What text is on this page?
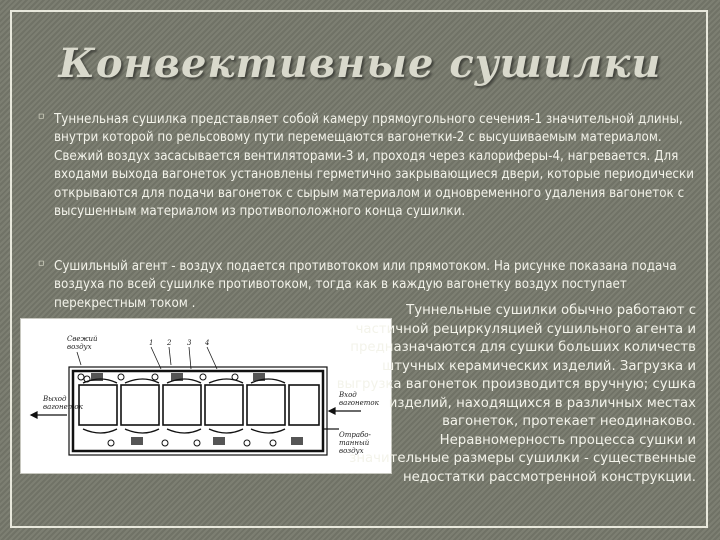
Конвективные сушилки
⸋ Туннельная сушилка представляет собой камеру прямоугольного сечения-1 значительной длины, внутри которой по рельсовому пути перемещаются вагонетки-2 с высушиваемым материалом. Свежий воздух засасывается вентиляторами-3 и, проходя через калориферы-4, нагревается. Для входами выхода вагонеток установлены герметично закрывающиеся двери, которые периодически открываются для подачи вагонеток с сырым материалом и одновременного удаления вагонеток с высушенным материалом из противоположного конца сушилки.

⸋ Сушильный агент - воздух подается противотоком или прямотоком. На рисунке показана подача воздуха по всей сушилке противотоком, тогда как в каждую вагонетку воздух поступает перекрестным током .

Свежий
воздух	1 2 3 4
Выход
вагонеток
Вход
вагонеток
Отрабо-
танный
воздух

Туннельные сушилки обычно работают с частичной рециркуляцией сушильного агента и предназначаются для сушки больших количеств штучных керамических изделий. Загрузка и выгрузка вагонеток производится вручную; сушка изделий, находящихся в различных местах вагонеток, протекает неодинаково. Неравномерность процесса сушки и значительные размеры сушилки - существенные недостатки рассмотренной конструкции.
